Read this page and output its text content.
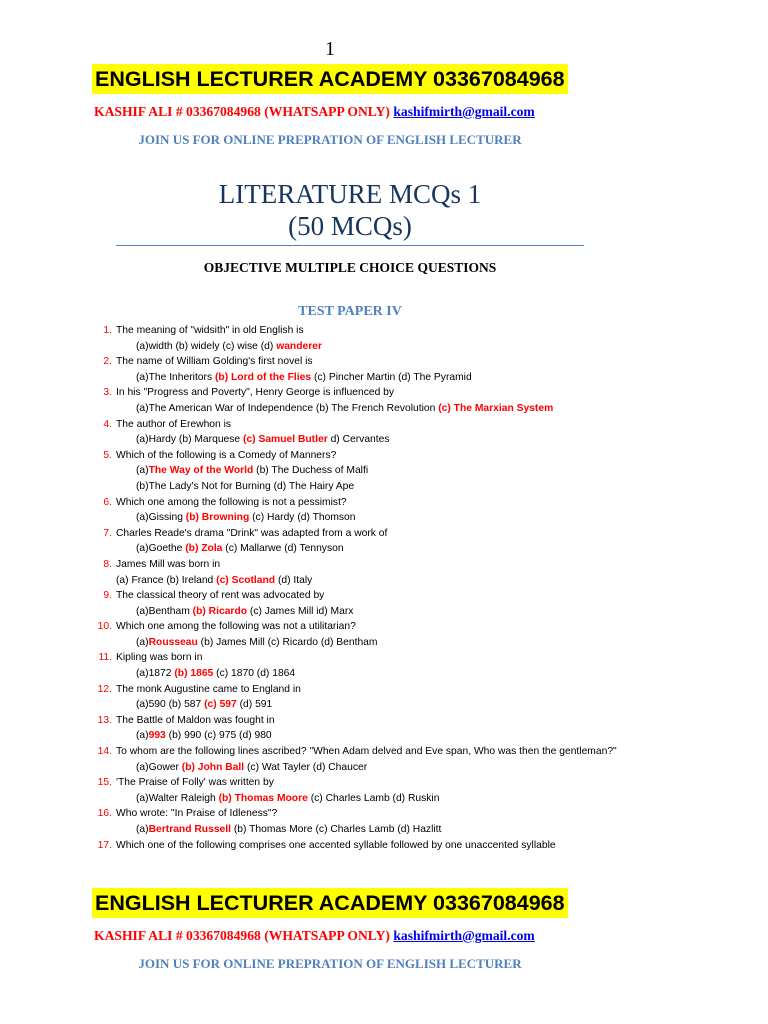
1
ENGLISH LECTURER ACADEMY 03367084968
KASHIF ALI # 03367084968 (WHATSAPP ONLY) kashifmirth@gmail.com
JOIN US FOR ONLINE PREPRATION OF ENGLISH LECTURER
LITERATURE MCQs 1
(50 MCQs)
OBJECTIVE MULTIPLE CHOICE QUESTIONS
TEST PAPER IV
1. The meaning of "widsith" in old English is
(a)width (b) widely (c) wise (d) wanderer
2. The name of William Golding's first novel is
(a)The Inheritors (b) Lord of the Flies (c) Pincher Martin (d) The Pyramid
3. In his "Progress and Poverty", Henry George is influenced by
(a)The American War of Independence (b) The French Revolution (c) The Marxian System
4. The author of Erewhon is
(a)Hardy (b) Marquese (c) Samuel Butler d) Cervantes
5. Which of the following is a Comedy of Manners?
(a)The Way of the World (b) The Duchess of Malfi
(b)The Lady's Not for Burning (d) The Hairy Ape
6. Which one among the following is not a pessimist?
(a)Gissing (b) Browning (c) Hardy (d) Thomson
7. Charles Reade's drama "Drink" was adapted from a work of
(a)Goethe (b) Zola (c) Mallarwe (d) Tennyson
8. James Mill was born in
(a) France (b) Ireland (c) Scotland (d) Italy
9. The classical theory of rent was advocated by
(a)Bentham (b) Ricardo (c) James Mill id) Marx
10. Which one among the following was not a utilitarian?
(a)Rousseau (b) James Mill (c) Ricardo (d) Bentham
11. Kipling was born in
(a)1872 (b) 1865 (c) 1870 (d) 1864
12. The monk Augustine came to England in
(a)590 (b) 587 (c) 597 (d) 591
13. The Battle of Maldon was fought in
(a)993 (b) 990 (c) 975 (d) 980
14. To whom are the following lines ascribed? "When Adam delved and Eve span, Who was then the gentleman?"
(a)Gower (b) John Ball (c) Wat Tayler (d) Chaucer
15. 'The Praise of Folly' was written by
(a)Walter Raleigh (b) Thomas Moore (c) Charles Lamb (d) Ruskin
16. Who wrote: "In Praise of Idleness"?
(a)Bertrand Russell (b) Thomas More (c) Charles Lamb (d) Hazlitt
17. Which one of the following comprises one accented syllable followed by one unaccented syllable
ENGLISH LECTURER ACADEMY 03367084968
KASHIF ALI # 03367084968 (WHATSAPP ONLY) kashifmirth@gmail.com
JOIN US FOR ONLINE PREPRATION OF ENGLISH LECTURER
